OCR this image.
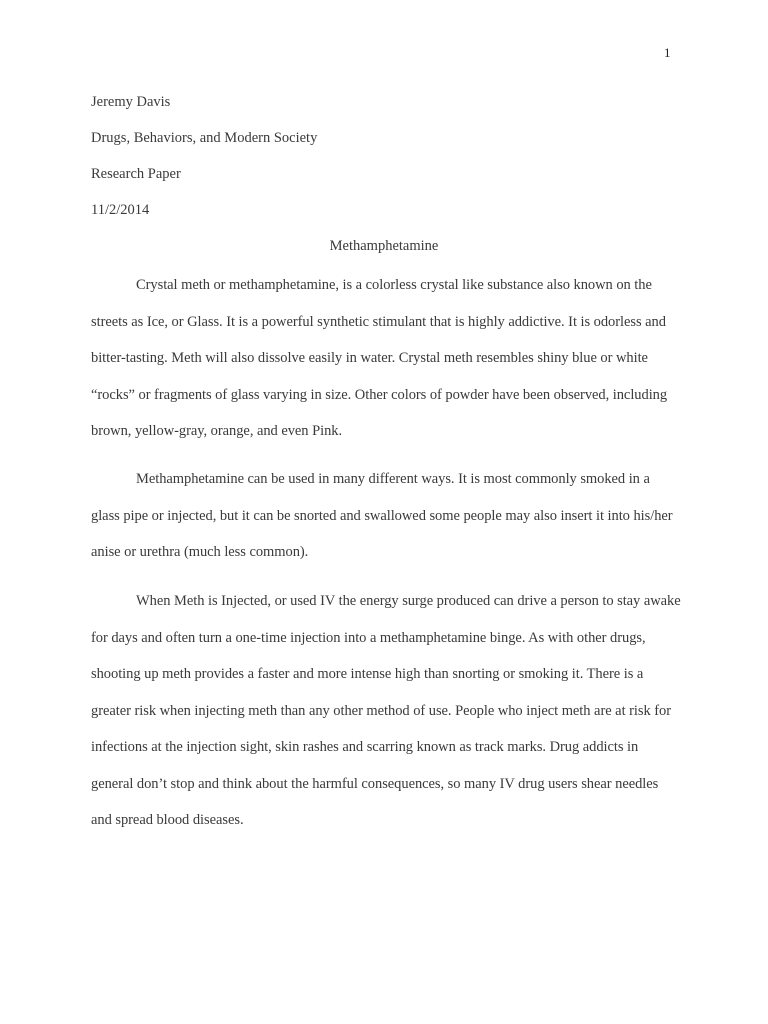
1
Jeremy Davis
Drugs, Behaviors, and Modern Society
Research Paper
11/2/2014
Methamphetamine

Crystal meth or methamphetamine, is a colorless crystal like substance also known on the streets as Ice, or Glass. It is a powerful synthetic stimulant that is highly addictive. It is odorless and bitter-tasting. Meth will also dissolve easily in water. Crystal meth resembles shiny blue or white “rocks” or fragments of glass varying in size. Other colors of powder have been observed, including brown, yellow-gray, orange, and even Pink.

Methamphetamine can be used in many different ways. It is most commonly smoked in a glass pipe or injected, but it can be snorted and swallowed some people may also insert it into his/her anise or urethra (much less common).

When Meth is Injected, or used IV the energy surge produced can drive a person to stay awake for days and often turn a one-time injection into a methamphetamine binge. As with other drugs, shooting up meth provides a faster and more intense high than snorting or smoking it. There is a greater risk when injecting meth than any other method of use. People who inject meth are at risk for infections at the injection sight, skin rashes and scarring known as track marks. Drug addicts in general don’t stop and think about the harmful consequences, so many IV drug users shear needles and spread blood diseases.
